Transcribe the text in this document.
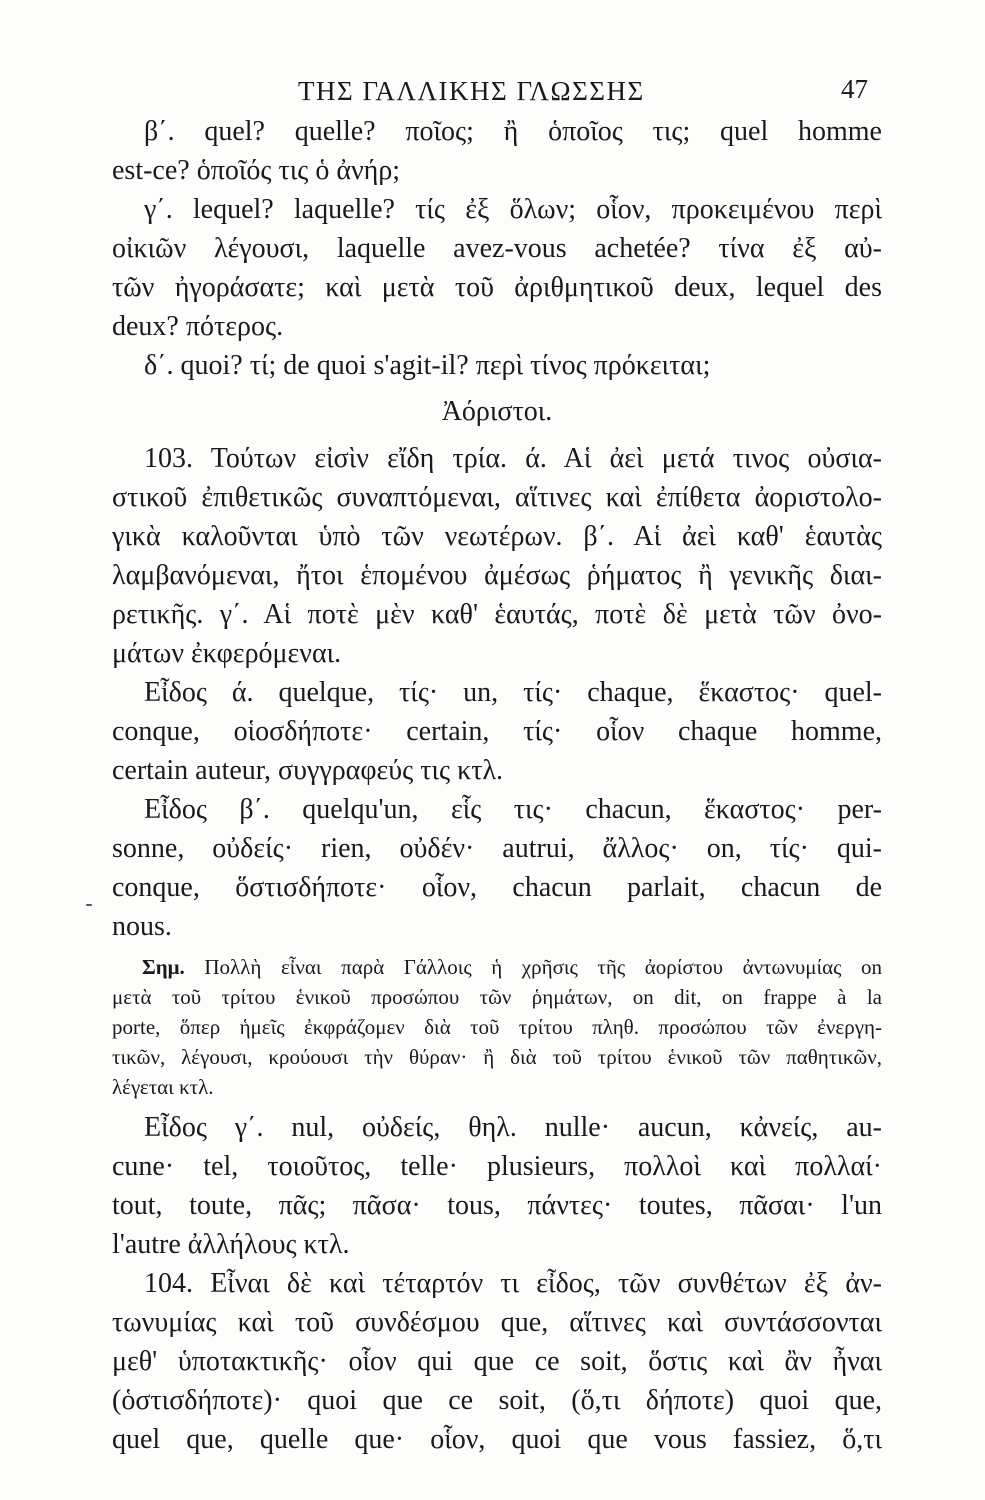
ΤΗΣ ΓΑΛΛΙΚΗΣ ΓΛΩΣΣΗΣ	47
β΄. quel? quelle? ποῖος; ἢ ὁποῖος τις; quel homme
est-ce? ὁποῖός τις ὁ ἀνήρ;
γ΄. lequel? laquelle? τίς ἐξ ὅλων; οἷον, προκειμένου περὶ
οἰκιῶν λέγουσι, laquelle avez-vous achetée? τίνα ἐξ αὐ-
τῶν ἠγοράσατε; καὶ μετὰ τοῦ ἀριθμητικοῦ deux, lequel des
deux? πότερος.
δ΄. quoi? τί; de quoi s'agit-il? περὶ τίνος πρόκειται;
Ἀόριστοι.
103. Τούτων εἰσὶν εἴδη τρία. ά. Αἱ ἀεὶ μετά τινος οὐσια-
στικοῦ ἐπιθετικῶς συναπτόμεναι, αἵτινες καὶ ἐπίθετα ἀοριστολο-
γικὰ καλοῦνται ὑπὸ τῶν νεωτέρων. β΄. Αἱ ἀεὶ καθ' ἑαυτὰς
λαμβανόμεναι, ἤτοι ἑπομένου ἀμέσως ῥήματος ἢ γενικῆς διαι-
ρετικῆς. γ΄. Αἱ ποτὲ μὲν καθ' ἑαυτάς, ποτὲ δὲ μετὰ τῶν ὀνο-
μάτων ἐκφερόμεναι.
Εἶδος ά. quelque, τίς· un, τίς· chaque, ἕκαστος· quel-
conque, οἱοσδήποτε· certain, τίς· οἷον chaque homme,
certain auteur, συγγραφεύς τις κτλ.
Εἶδος β΄. quelqu'un, εἷς τις· chacun, ἕκαστος· per-
sonne, οὐδείς· rien, οὐδέν· autrui, ἄλλος· on, τίς· qui-
conque, ὅστισδήποτε· οἷον, chacun parlait, chacun de
nous.
Σημ. Πολλὴ εἶναι παρὰ Γάλλοις ἡ χρῆσις τῆς ἀορίστου ἀντωνυμίας on
μετὰ τοῦ τρίτου ἑνικοῦ προσώπου τῶν ῥημάτων, on dit, on frappe à la
porte, ὅπερ ἡμεῖς ἐκφράζομεν διὰ τοῦ τρίτου πληθ. προσώπου τῶν ἐνεργη-
τικῶν, λέγουσι, κρούουσι τὴν θύραν· ἢ διὰ τοῦ τρίτου ἑνικοῦ τῶν παθητικῶν,
λέγεται κτλ.
Εἶδος γ΄. nul, οὐδείς, θηλ. nulle· aucun, κἀνείς, au-
cune· tel, τοιοῦτος, telle· plusieurs, πολλοὶ καὶ πολλαί·
tout, toute, πᾶς; πᾶσα· tous, πάντες· toutes, πᾶσαι· l'un
l'autre ἀλλήλους κτλ.
104. Εἶναι δὲ καὶ τέταρτόν τι εἶδος, τῶν συνθέτων ἐξ ἀν-
τωνυμίας καὶ τοῦ συνδέσμου que, αἵτινες καὶ συντάσσονται
μεθ' ὑποτακτικῆς· οἷον qui que ce soit, ὅστις καὶ ἂν ἦναι
(ὁστισδήποτε)· quoi que ce soit, (ὅ,τι δήποτε) quoi que,
quel que, quelle que· οἷον, quoi que vous fassiez, ὅ,τι
